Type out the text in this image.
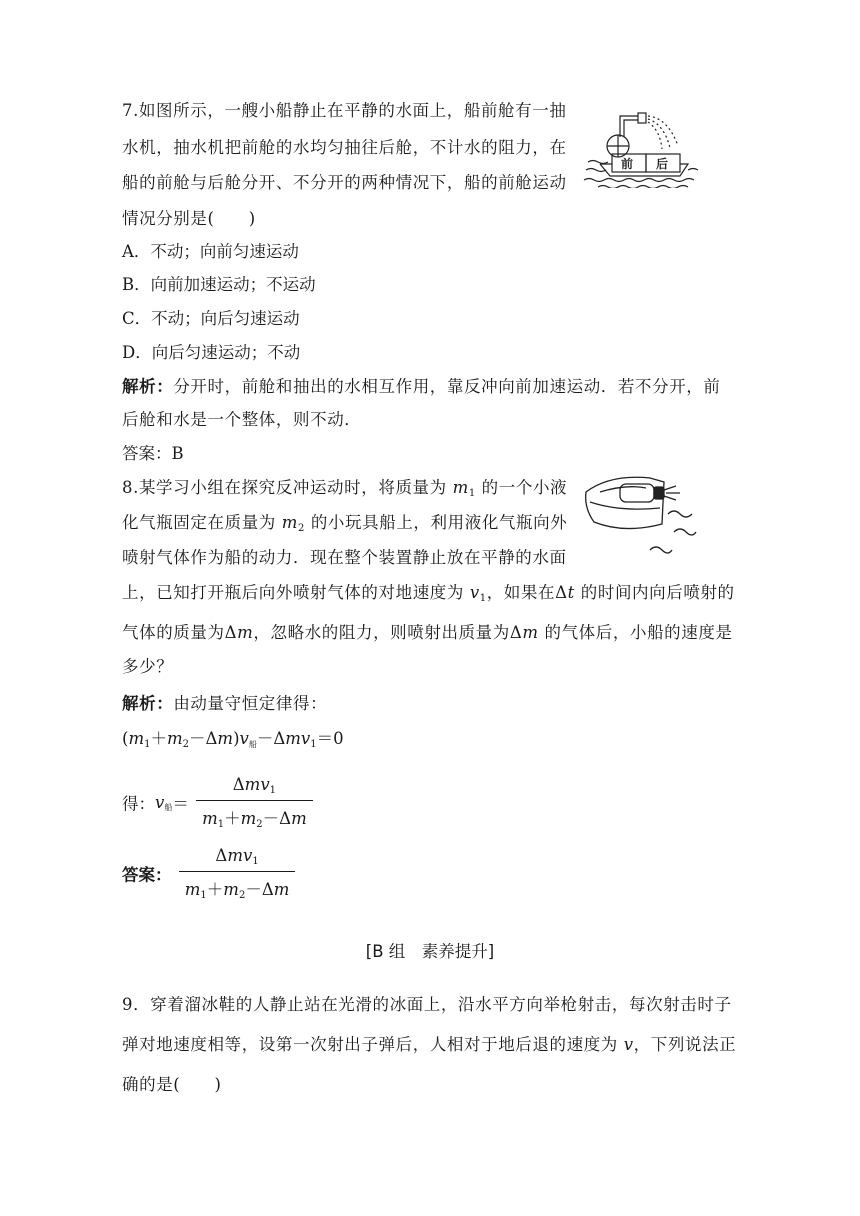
7.如图所示，一艘小船静止在平静的水面上，船前舱有一抽
水机，抽水机把前舱的水均匀抽往后舱，不计水的阻力，在
船的前舱与后舱分开、不分开的两种情况下，船的前舱运动
情况分别是(　　)
前 后
A．不动；向前匀速运动
B．向前加速运动；不运动
C．不动；向后匀速运动
D．向后匀速运动；不动
解析：分开时，前舱和抽出的水相互作用，靠反冲向前加速运动．若不分开，前
后舱和水是一个整体，则不动．
答案：B
8.某学习小组在探究反冲运动时，将质量为 $m_1$ 的一个小液
化气瓶固定在质量为 $m_2$ 的小玩具船上，利用液化气瓶向外
喷射气体作为船的动力．现在整个装置静止放在平静的水面
上，已知打开瓶后向外喷射气体的对地速度为 $v_1$，如果在Δt 的时间内向后喷射的
气体的质量为Δm，忽略水的阻力，则喷射出质量为Δm 的气体后，小船的速度是
多少？
解析：由动量守恒定律得：
$(m_1+m_2-\Delta m)v_船-\Delta mv_1=0$
得：$v_船= \frac{\Delta mv_1}{m_1+m_2-\Delta m}$
答案： $\frac{\Delta mv_1}{m_1+m_2-\Delta m}$
[B 组　素养提升]
9．穿着溜冰鞋的人静止站在光滑的冰面上，沿水平方向举枪射击，每次射击时子
弹对地速度相等，设第一次射出子弹后，人相对于地后退的速度为 v，下列说法正
确的是(　　)
